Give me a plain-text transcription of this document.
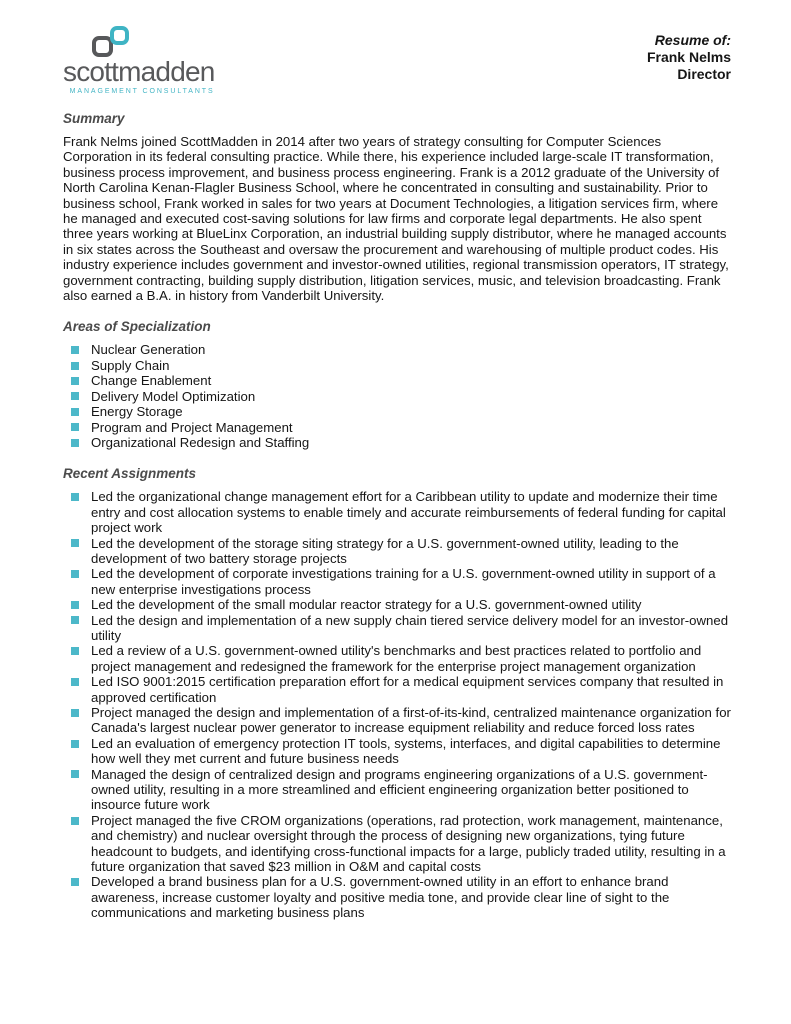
scottmadden
MANAGEMENT CONSULTANTS
Resume of:
Frank Nelms
Director
Summary

Frank Nelms joined ScottMadden in 2014 after two years of strategy consulting for Computer Sciences Corporation in its federal consulting practice. While there, his experience included large-scale IT transformation, business process improvement, and business process engineering. Frank is a 2012 graduate of the University of North Carolina Kenan-Flagler Business School, where he concentrated in consulting and sustainability. Prior to business school, Frank worked in sales for two years at Document Technologies, a litigation services firm, where he managed and executed cost-saving solutions for law firms and corporate legal departments. He also spent three years working at BlueLinx Corporation, an industrial building supply distributor, where he managed accounts in six states across the Southeast and oversaw the procurement and warehousing of multiple product codes. His industry experience includes government and investor-owned utilities, regional transmission operators, IT strategy, government contracting, building supply distribution, litigation services, music, and television broadcasting. Frank also earned a B.A. in history from Vanderbilt University.

Areas of Specialization
Nuclear Generation
Supply Chain
Change Enablement
Delivery Model Optimization
Energy Storage
Program and Project Management
Organizational Redesign and Staffing
Recent Assignments
Led the organizational change management effort for a Caribbean utility to update and modernize their time entry and cost allocation systems to enable timely and accurate reimbursements of federal funding for capital project work
Led the development of the storage siting strategy for a U.S. government-owned utility, leading to the development of two battery storage projects
Led the development of corporate investigations training for a U.S. government-owned utility in support of a new enterprise investigations process
Led the development of the small modular reactor strategy for a U.S. government-owned utility
Led the design and implementation of a new supply chain tiered service delivery model for an investor-owned utility
Led a review of a U.S. government-owned utility's benchmarks and best practices related to portfolio and project management and redesigned the framework for the enterprise project management organization
Led ISO 9001:2015 certification preparation effort for a medical equipment services company that resulted in approved certification
Project managed the design and implementation of a first-of-its-kind, centralized maintenance organization for Canada's largest nuclear power generator to increase equipment reliability and reduce forced loss rates
Led an evaluation of emergency protection IT tools, systems, interfaces, and digital capabilities to determine how well they met current and future business needs
Managed the design of centralized design and programs engineering organizations of a U.S. government-owned utility, resulting in a more streamlined and efficient engineering organization better positioned to insource future work
Project managed the five CROM organizations (operations, rad protection, work management, maintenance, and chemistry) and nuclear oversight through the process of designing new organizations, tying future headcount to budgets, and identifying cross-functional impacts for a large, publicly traded utility, resulting in a future organization that saved $23 million in O&M and capital costs
Developed a brand business plan for a U.S. government-owned utility in an effort to enhance brand awareness, increase customer loyalty and positive media tone, and provide clear line of sight to the communications and marketing business plans
